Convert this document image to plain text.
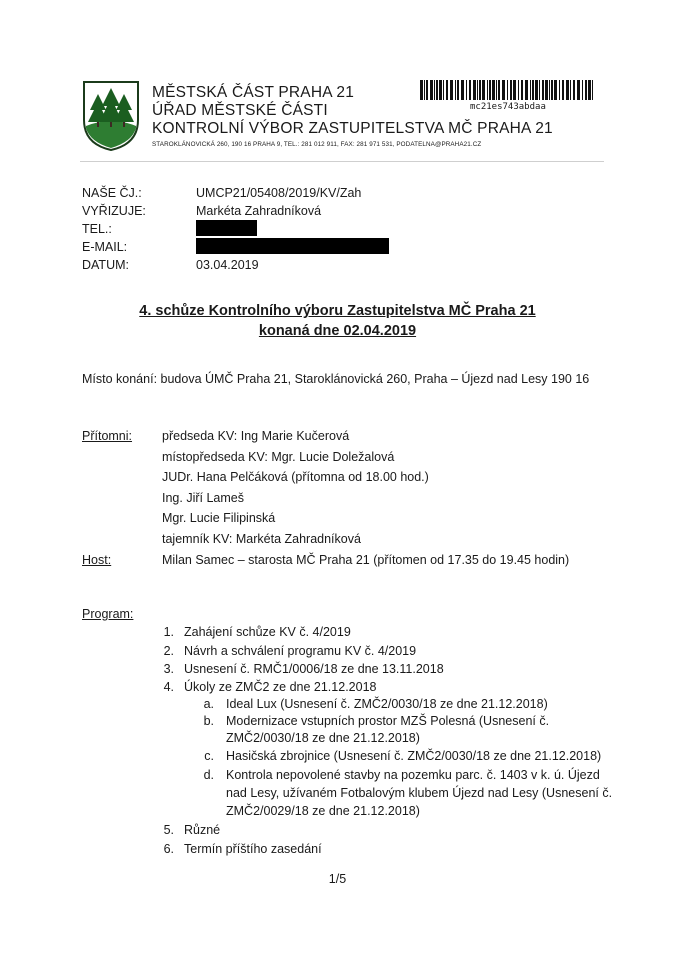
MĚSTSKÁ ČÁST PRAHA 21
ÚŘAD MĚSTSKÉ ČÁSTI
KONTROLNÍ VÝBOR ZASTUPITELSTVA MČ PRAHA 21
STAROKLÁNOVICKÁ 260, 190 16 PRAHA 9, TEL.: 281 012 911, FAX: 281 971 531, PODATELNA@PRAHA21.CZ
mc21es743abdaa
NAŠE ČJ.:	UMCP21/05408/2019/KV/Zah
VYŘIZUJE:	Markéta Zahradníková
TEL.:
E-MAIL:
DATUM:	03.04.2019
4. schůze Kontrolního výboru Zastupitelstva MČ Praha 21
konaná dne 02.04.2019
Místo konání: budova ÚMČ Praha 21, Staroklánovická 260, Praha – Újezd nad Lesy 190 16
Přítomni: předseda KV: Ing Marie Kučerová
místopředseda KV: Mgr. Lucie Doležalová
JUDr. Hana Pelčáková (přítomna od 18.00 hod.)
Ing. Jiří Lameš
Mgr. Lucie Filipinská
tajemník KV: Markéta Zahradníková
Host:	Milan Samec – starosta MČ Praha 21 (přítomen od 17.35 do 19.45 hodin)
Program:
1. Zahájení schůze KV č. 4/2019
2. Návrh a schválení programu KV č. 4/2019
3. Usnesení č. RMČ1/0006/18 ze dne 13.11.2018
4. Úkoly ze ZMČ2 ze dne 21.12.2018
a. Ideal Lux (Usnesení č. ZMČ2/0030/18 ze dne 21.12.2018)
b. Modernizace vstupních prostor MZŠ Polesná (Usnesení č.
ZMČ2/0030/18 ze dne 21.12.2018)
c. Hasičská zbrojnice (Usnesení č. ZMČ2/0030/18 ze dne 21.12.2018)
d. Kontrola nepovolené stavby na pozemku parc. č. 1403 v k. ú. Újezd
nad Lesy, užívaném Fotbalovým klubem Újezd nad Lesy (Usnesení č.
ZMČ2/0029/18 ze dne 21.12.2018)
5. Různé
6. Termín příštího zasedání
1/5
